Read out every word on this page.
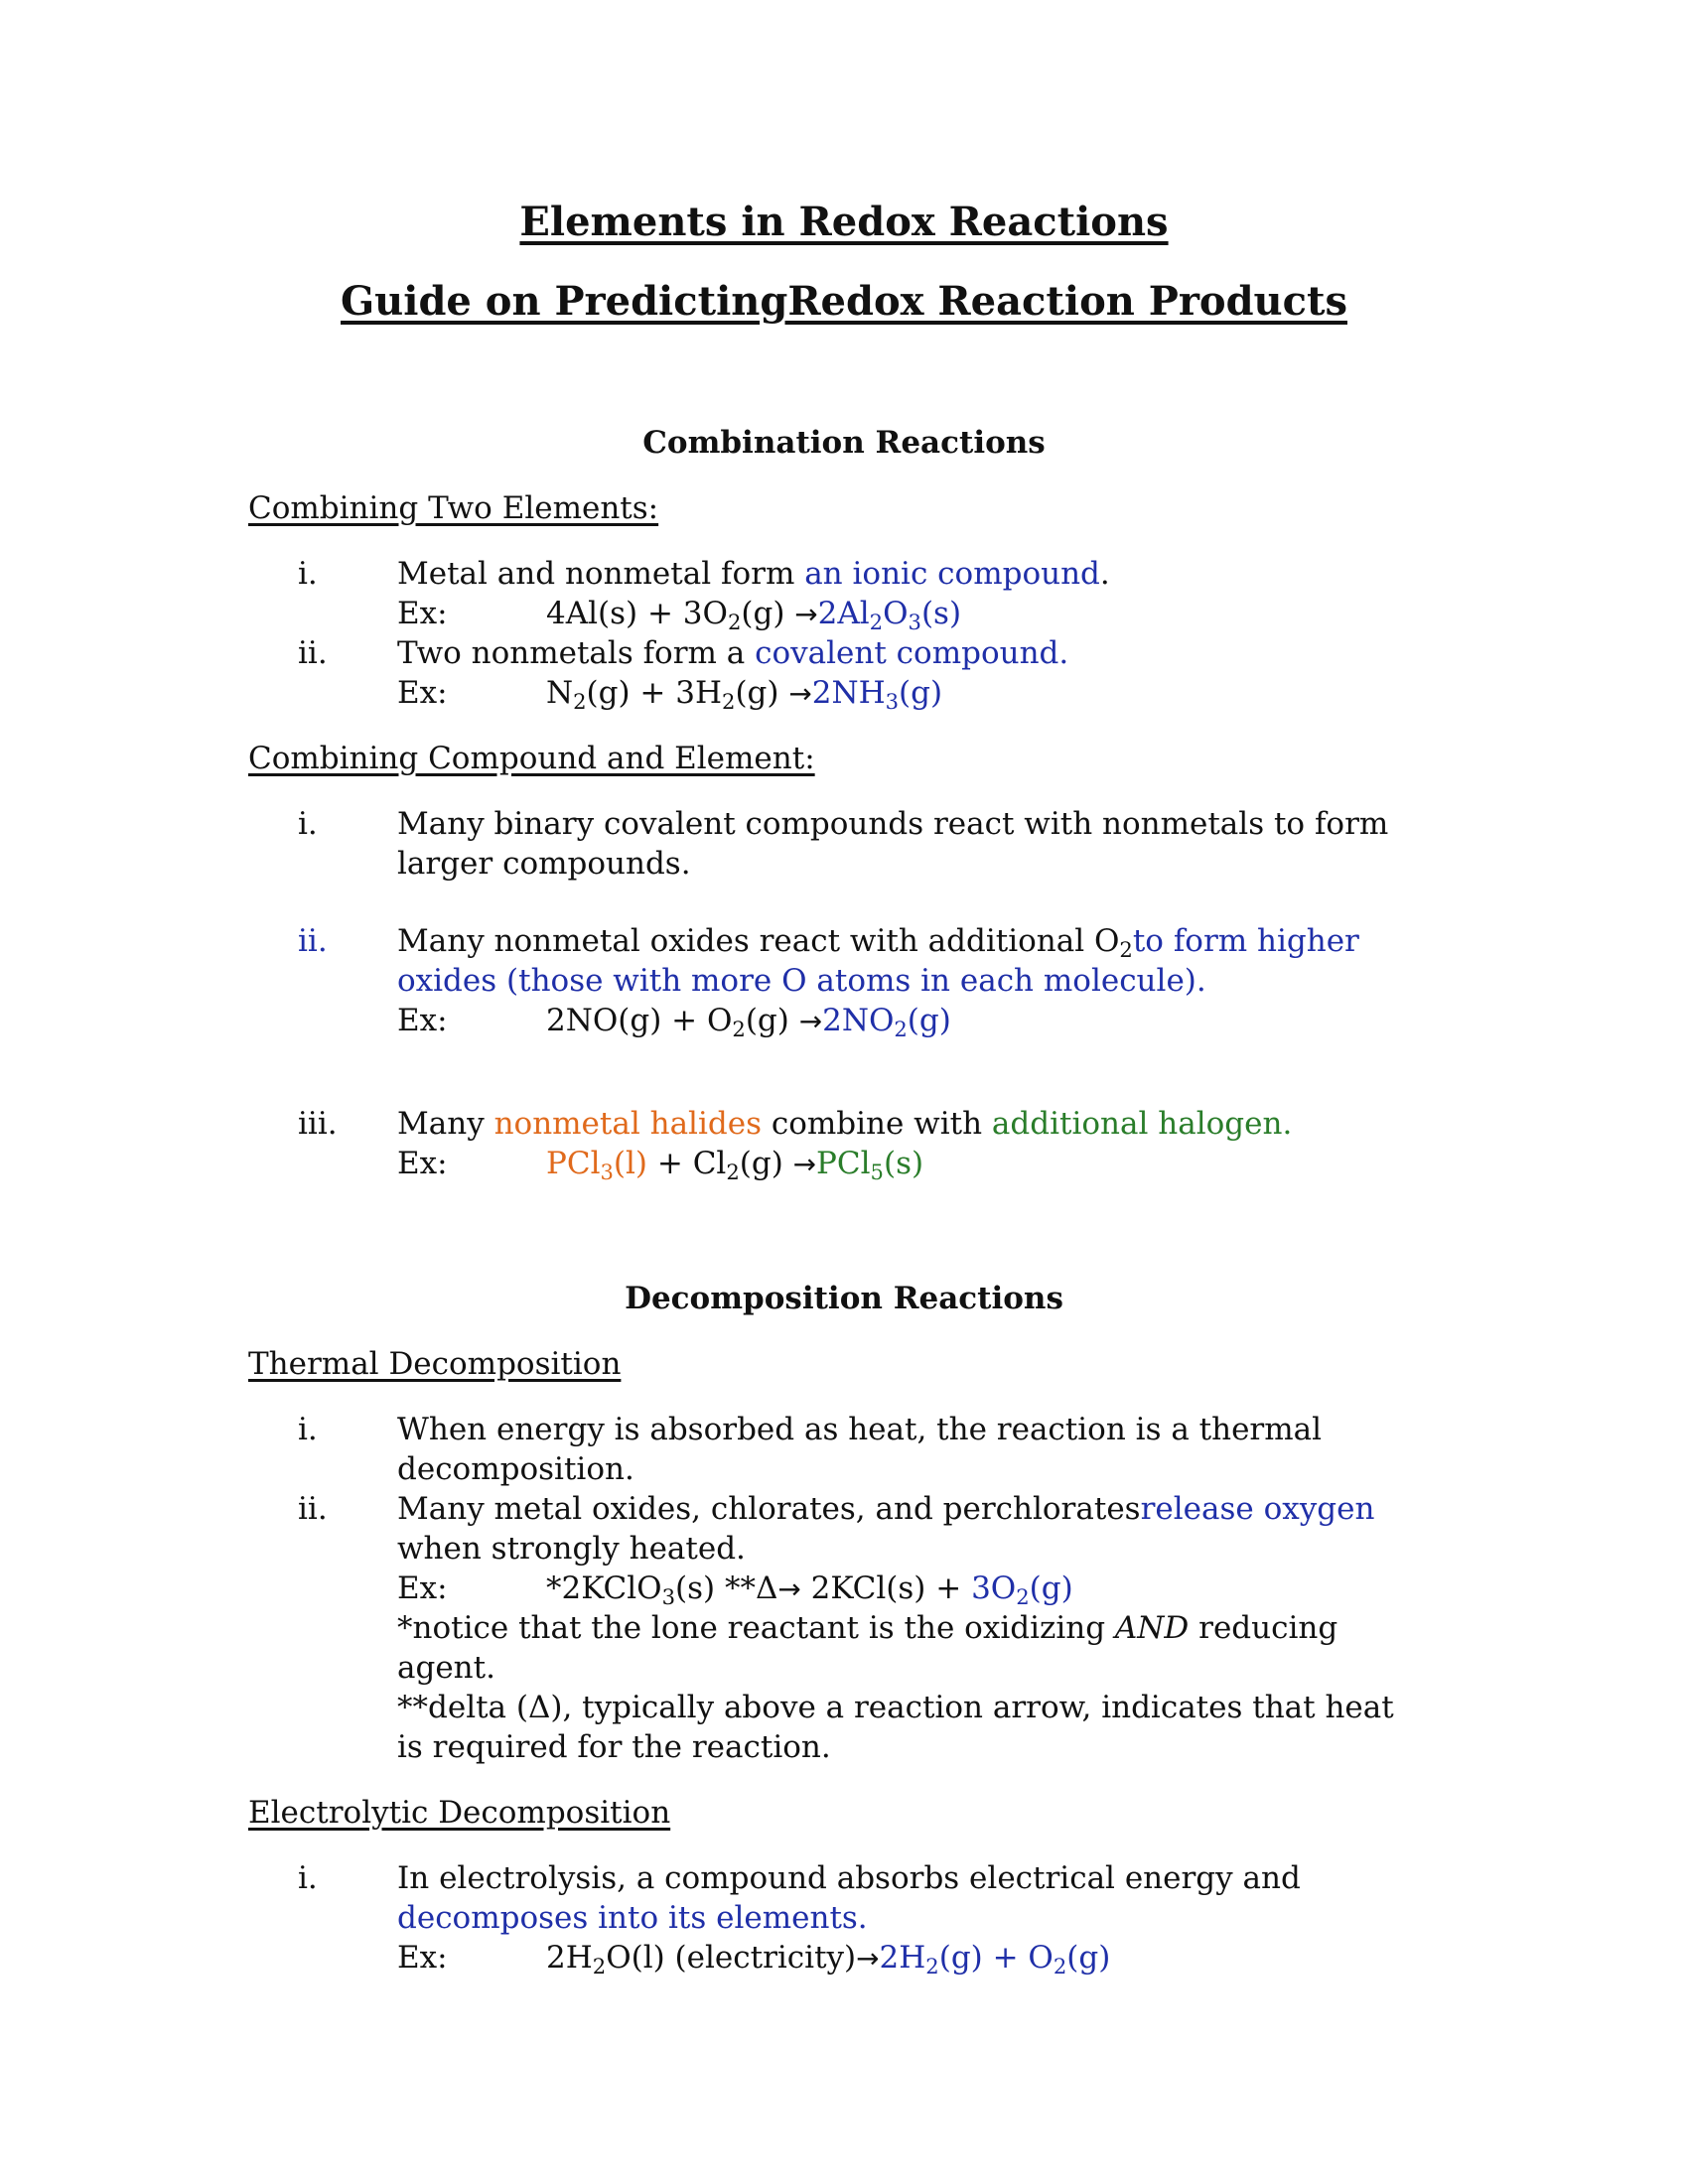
Elements in Redox Reactions
Guide on PredictingRedox Reaction Products
Combination Reactions
Combining Two Elements:
i.	Metal and nonmetal form an ionic compound.
Ex:	$4Al(s) + 3O_2(g) \to 2Al_2O_3(s)$
ii. Two nonmetals form a covalent compound.
Ex:	$N_2(g) + 3H_2(g) \to 2NH_3(g)$
Combining Compound and Element:
i.	Many binary covalent compounds react with nonmetals to form
larger compounds.
ii. Many nonmetal oxides react with additional $O_2to$ form higher
oxides (those with more O atoms in each molecule).
Ex:	$2NO(g) + O_2(g) \to 2NO_2(g)$
iii. Many nonmetal halides combine with additional halogen.
Ex:	$PCl_3(l) + Cl_2(g) \to PCl_5(s)$
Decomposition Reactions
Thermal Decomposition
i.	When energy is absorbed as heat, the reaction is a thermal
decomposition.
ii. Many metal oxides, chlorates, and perchloratesrelease oxygen
when strongly heated.
Ex:	*2KClO$_3$(s) $**\Delta\to 2KCl(s) + 3O_2(g)$
*notice that the lone reactant is the oxidizing AND reducing
agent.
**delta (Δ), typically above a reaction arrow, indicates that heat
is required for the reaction.
Electrolytic Decomposition
i.	In electrolysis, a compound absorbs electrical energy and
decomposes into its elements.
Ex:	$2H_2O(l)$ $(electricity)\to 2H_2(g) + O_2(g)$
